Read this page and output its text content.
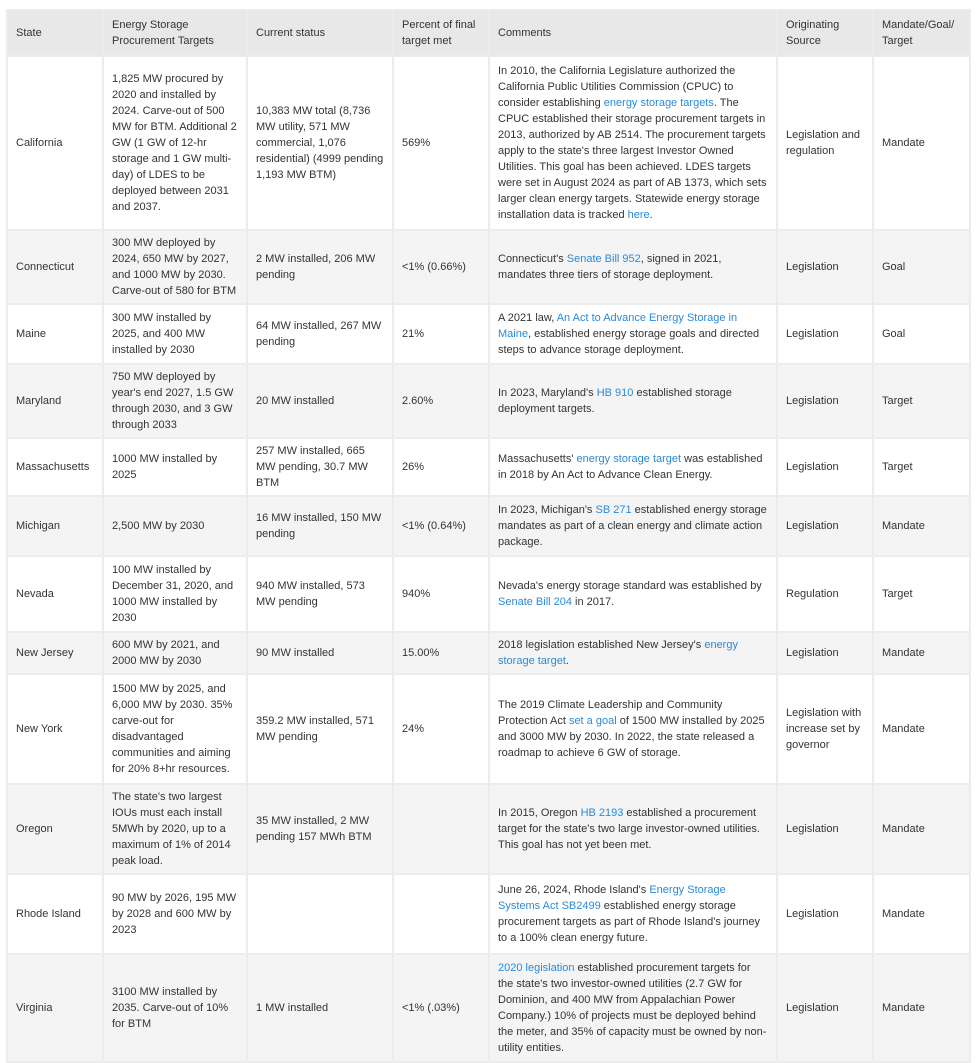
State	Energy Storage Procurement Targets	Current status	Percent of final target met	Comments	Originating Source	Mandate/Goal/ Target
California	1,825 MW procured by 2020 and installed by 2024. Carve-out of 500 MW for BTM. Additional 2 GW (1 GW of 12-hr storage and 1 GW multi-day) of LDES to be deployed between 2031 and 2037.	10,383 MW total (8,736 MW utility, 571 MW commercial, 1,076 residential) (4999 pending 1,193 MW BTM)	569%	In 2010, the California Legislature authorized the California Public Utilities Commission (CPUC) to consider establishing energy storage targets. The CPUC established their storage procurement targets in 2013, authorized by AB 2514. The procurement targets apply to the state's three largest Investor Owned Utilities. This goal has been achieved. LDES targets were set in August 2024 as part of AB 1373, which sets larger clean energy targets. Statewide energy storage installation data is tracked here.	Legislation and regulation	Mandate
Connecticut	300 MW deployed by 2024, 650 MW by 2027, and 1000 MW by 2030. Carve-out of 580 for BTM	2 MW installed, 206 MW pending	<1% (0.66%)	Connecticut's Senate Bill 952, signed in 2021, mandates three tiers of storage deployment.	Legislation	Goal
Maine	300 MW installed by 2025, and 400 MW installed by 2030	64 MW installed, 267 MW pending	21%	A 2021 law, An Act to Advance Energy Storage in Maine, established energy storage goals and directed steps to advance storage deployment.	Legislation	Goal
Maryland	750 MW deployed by year's end 2027, 1.5 GW through 2030, and 3 GW through 2033	20 MW installed	2.60%	In 2023, Maryland's HB 910 established storage deployment targets.	Legislation	Target
Massachusetts	1000 MW installed by 2025	257 MW installed, 665 MW pending, 30.7 MW BTM	26%	Massachusetts' energy storage target was established in 2018 by An Act to Advance Clean Energy.	Legislation	Target
Michigan	2,500 MW by 2030	16 MW installed, 150 MW pending	<1% (0.64%)	In 2023, Michigan's SB 271 established energy storage mandates as part of a clean energy and climate action package.	Legislation	Mandate
Nevada	100 MW installed by December 31, 2020, and 1000 MW installed by 2030	940 MW installed, 573 MW pending	940%	Nevada's energy storage standard was established by Senate Bill 204 in 2017.	Regulation	Target
New Jersey	600 MW by 2021, and 2000 MW by 2030	90 MW installed	15.00%	2018 legislation established New Jersey's energy storage target.	Legislation	Mandate
New York	1500 MW by 2025, and 6,000 MW by 2030. 35% carve-out for disadvantaged communities and aiming for 20% 8+hr resources.	359.2 MW installed, 571 MW pending	24%	The 2019 Climate Leadership and Community Protection Act set a goal of 1500 MW installed by 2025 and 3000 MW by 2030. In 2022, the state released a roadmap to achieve 6 GW of storage.	Legislation with increase set by governor	Mandate
Oregon	The state's two largest IOUs must each install 5MWh by 2020, up to a maximum of 1% of 2014 peak load.	35 MW installed, 2 MW pending 157 MWh BTM		In 2015, Oregon HB 2193 established a procurement target for the state's two large investor-owned utilities. This goal has not yet been met.	Legislation	Mandate
Rhode Island	90 MW by 2026, 195 MW by 2028 and 600 MW by 2023			June 26, 2024, Rhode Island's Energy Storage Systems Act SB2499 established energy storage procurement targets as part of Rhode Island's journey to a 100% clean energy future.	Legislation	Mandate
Virginia	3100 MW installed by 2035. Carve-out of 10% for BTM	1 MW installed	<1% (.03%)	2020 legislation established procurement targets for the state's two investor-owned utilities (2.7 GW for Dominion, and 400 MW from Appalachian Power Company.) 10% of projects must be deployed behind the meter, and 35% of capacity must be owned by non-utility entities.	Legislation	Mandate
